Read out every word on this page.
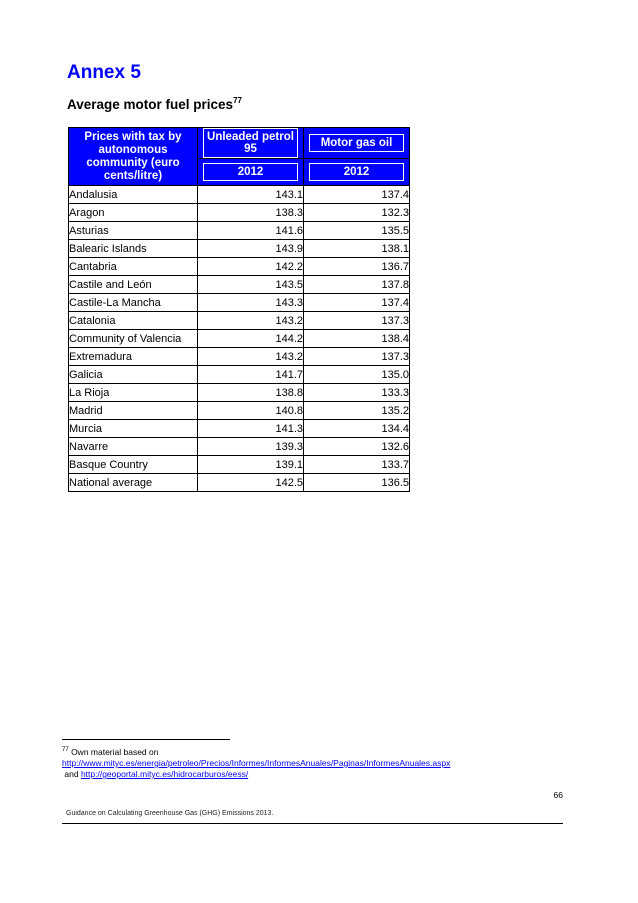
Annex 5

Average motor fuel prices$^{77}$

Prices with tax by autonomous community (euro cents/litre)	Unleaded petrol 95	Motor gas oil
	2012	2012
Andalusia	143.1	137.4
Aragon	138.3	132.3
Asturias	141.6	135.5
Balearic Islands	143.9	138.1
Cantabria	142.2	136.7
Castile and León	143.5	137.8
Castile-La Mancha	143.3	137.4
Catalonia	143.2	137.3
Community of Valencia	144.2	138.4
Extremadura	143.2	137.3
Galicia	141.7	135.0
La Rioja	138.8	133.3
Madrid	140.8	135.2
Murcia	141.3	134.4
Navarre	139.3	132.6
Basque Country	139.1	133.7
National average	142.5	136.5
$^{77}$ Own material based on
http://www.mityc.es/energia/petroleo/Precios/Informes/InformesAnuales/Paginas/InformesAnuales.aspx
and http://geoportal.mityc.es/hidrocarburos/eess/
66
Guidance on Calculating Greenhouse Gas (GHG) Emissions 2013.
